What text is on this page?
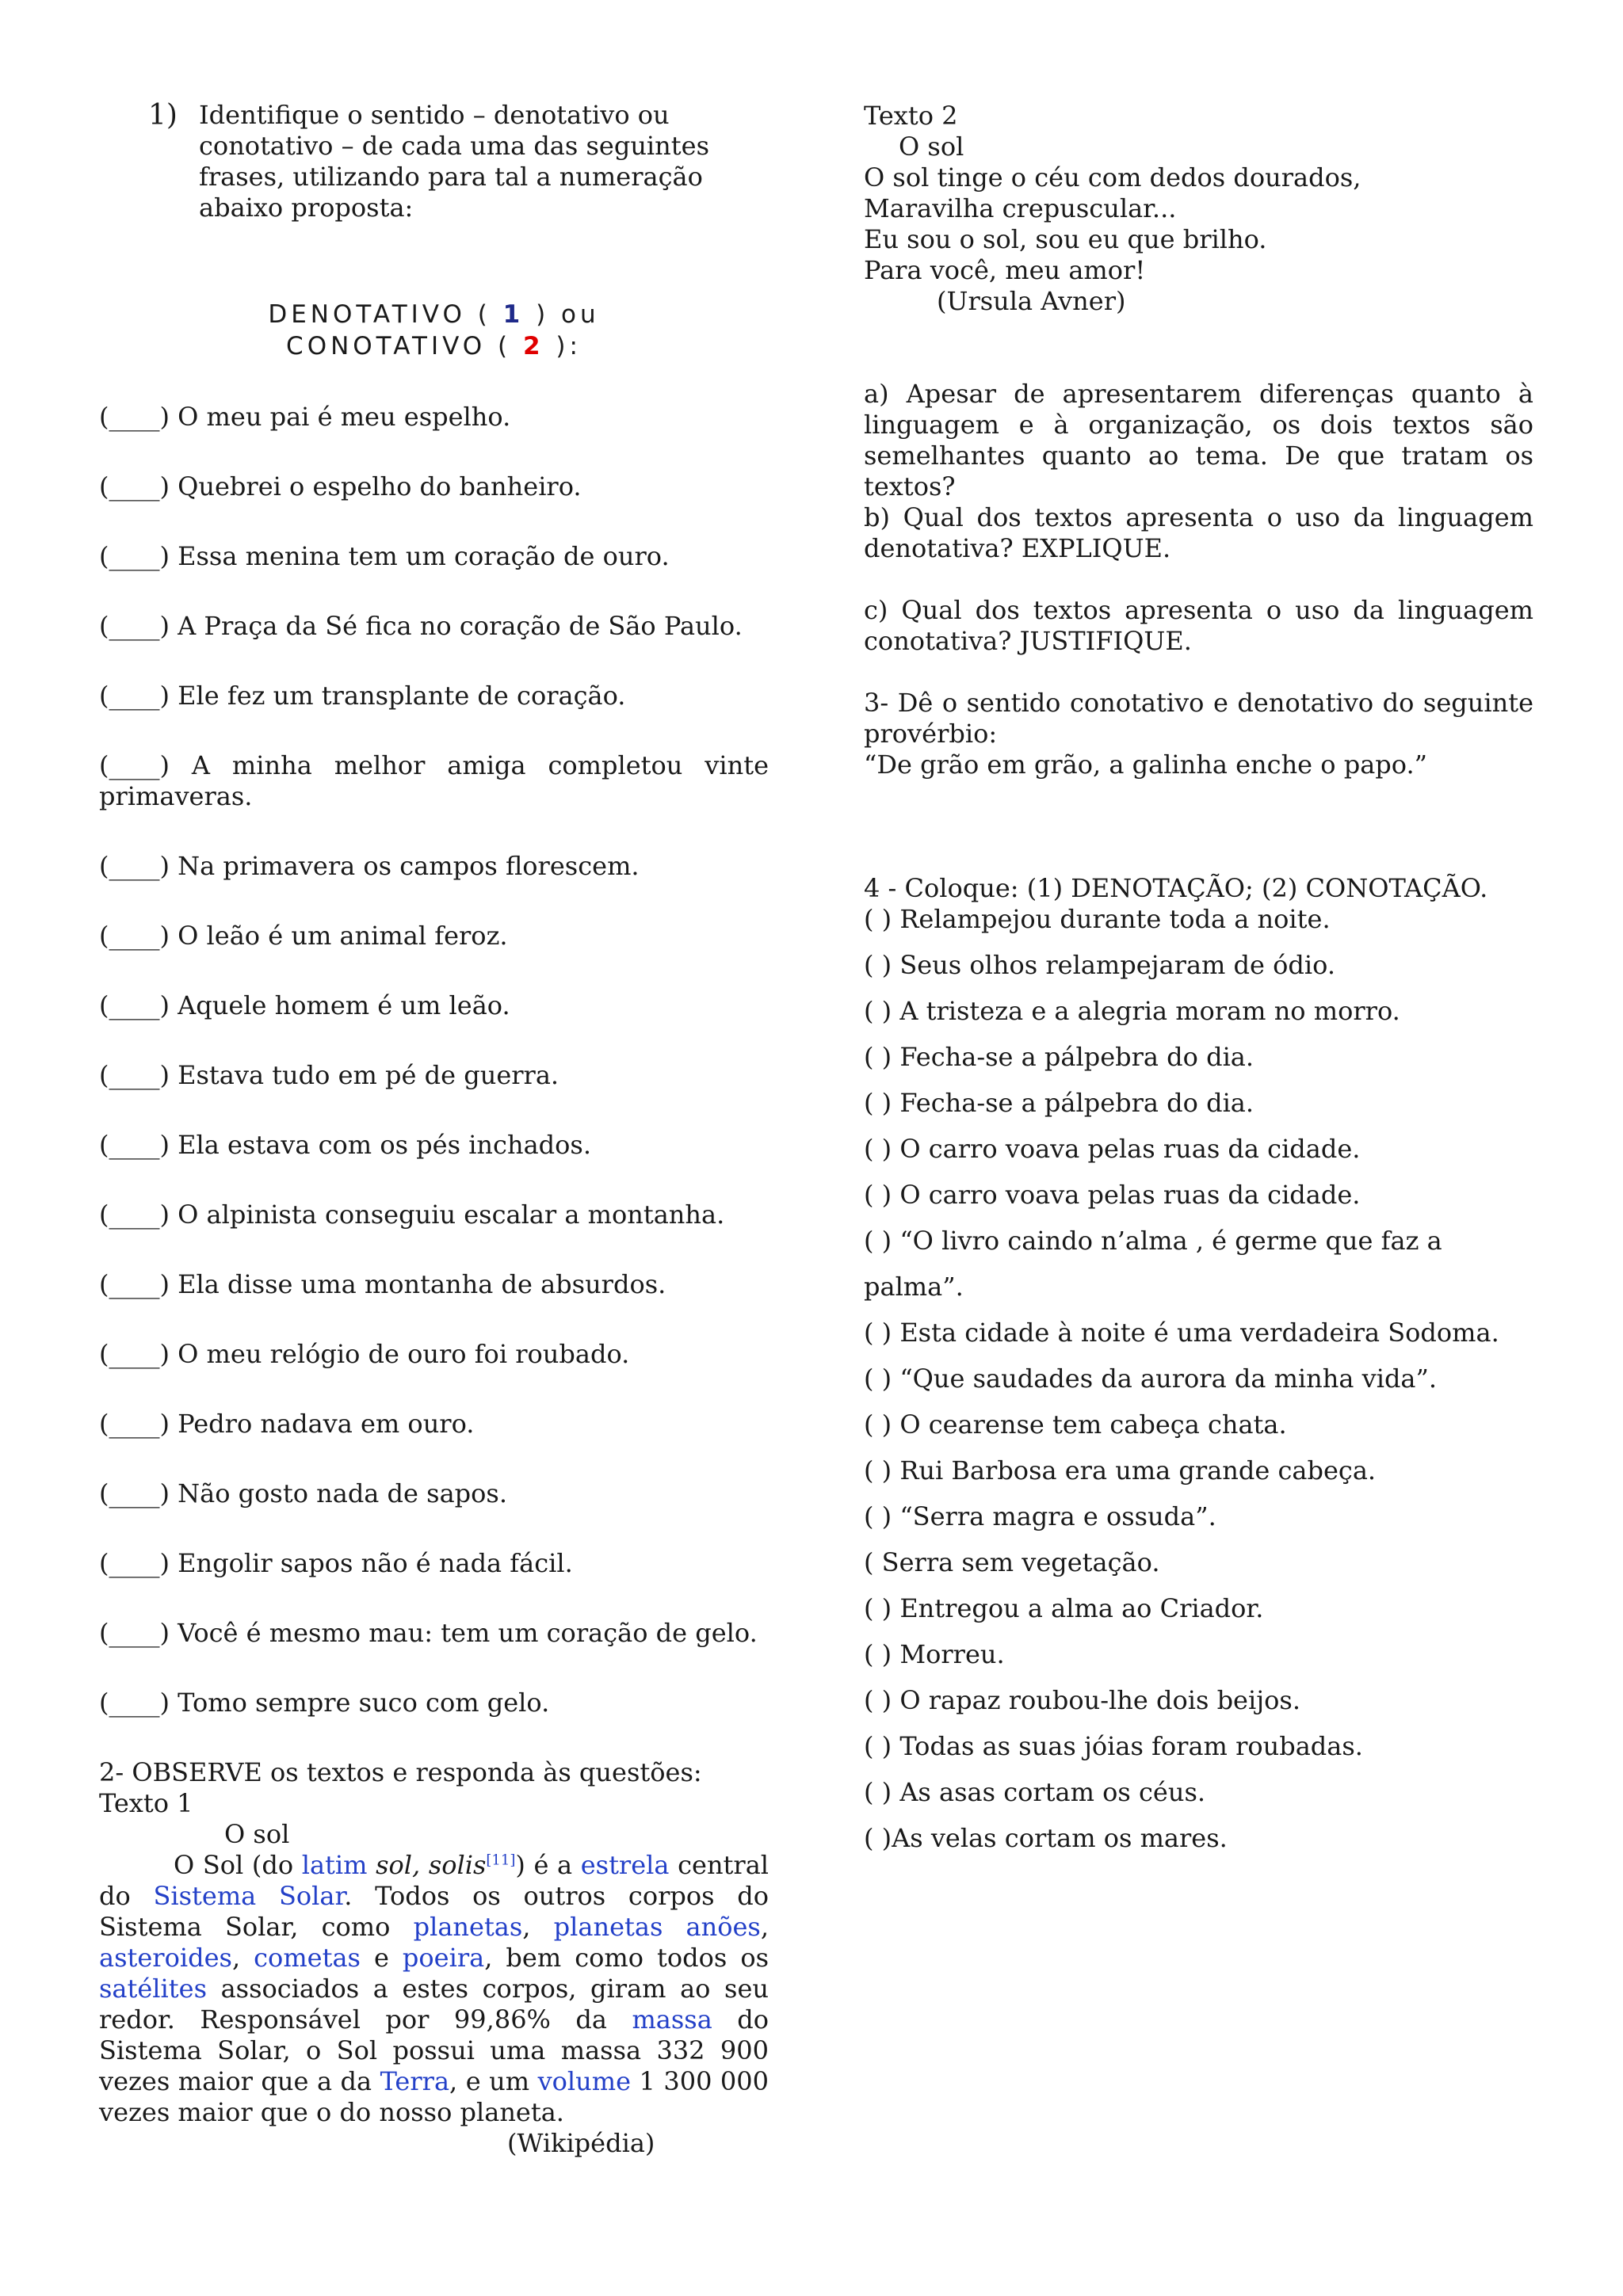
1) Identifique o sentido – denotativo ou conotativo – de cada uma das seguintes frases, utilizando para tal a numeração abaixo proposta:
DENOTATIVO ( 1 ) ou
CONOTATIVO ( 2 ):
(____) O meu pai é meu espelho.
(____) Quebrei o espelho do banheiro.
(____) Essa menina tem um coração de ouro.
(____) A Praça da Sé fica no coração de São Paulo.
(____) Ele fez um transplante de coração.
(____) A minha melhor amiga completou vinte
primaveras.
(____) Na primavera os campos florescem.
(____) O leão é um animal feroz.
(____) Aquele homem é um leão.
(____) Estava tudo em pé de guerra.
(____) Ela estava com os pés inchados.
(____) O alpinista conseguiu escalar a montanha.
(____) Ela disse uma montanha de absurdos.
(____) O meu relógio de ouro foi roubado.
(____) Pedro nadava em ouro.
(____) Não gosto nada de sapos.
(____) Engolir sapos não é nada fácil.
(____) Você é mesmo mau: tem um coração de gelo.
(____) Tomo sempre suco com gelo.
2- OBSERVE os textos e responda às questões:
Texto 1
O sol
O Sol (do latim sol, solis[11]) é a estrela central do Sistema Solar. Todos os outros corpos do Sistema Solar, como planetas, planetas anões, asteroides, cometas e poeira, bem como todos os satélites associados a estes corpos, giram ao seu redor. Responsável por 99,86% da massa do Sistema Solar, o Sol possui uma massa 332 900 vezes maior que a da Terra, e um volume 1 300 000 vezes maior que o do nosso planeta.
(Wikipédia)
Texto 2
O sol
O sol tinge o céu com dedos dourados,
Maravilha crepuscular...
Eu sou o sol, sou eu que brilho.
Para você, meu amor!
(Ursula Avner)
a) Apesar de apresentarem diferenças quanto à linguagem e à organização, os dois textos são semelhantes quanto ao tema. De que tratam os textos?
b) Qual dos textos apresenta o uso da linguagem denotativa? EXPLIQUE.
c) Qual dos textos apresenta o uso da linguagem conotativa? JUSTIFIQUE.
3- Dê o sentido conotativo e denotativo do seguinte provérbio:
“De grão em grão, a galinha enche o papo.”
4 - Coloque: (1) DENOTAÇÃO; (2) CONOTAÇÃO.
( ) Relampejou durante toda a noite.
( ) Seus olhos relampejaram de ódio.
( ) A tristeza e a alegria moram no morro.
( ) Fecha-se a pálpebra do dia.
( ) Fecha-se a pálpebra do dia.
( ) O carro voava pelas ruas da cidade.
( ) O carro voava pelas ruas da cidade.
( ) “O livro caindo n’alma , é germe que faz a
palma”.
( ) Esta cidade à noite é uma verdadeira Sodoma.
( ) “Que saudades da aurora da minha vida”.
( ) O cearense tem cabeça chata.
( ) Rui Barbosa era uma grande cabeça.
( ) “Serra magra e ossuda”.
( Serra sem vegetação.
( ) Entregou a alma ao Criador.
( ) Morreu.
( ) O rapaz roubou-lhe dois beijos.
( ) Todas as suas jóias foram roubadas.
( ) As asas cortam os céus.
( )As velas cortam os mares.
